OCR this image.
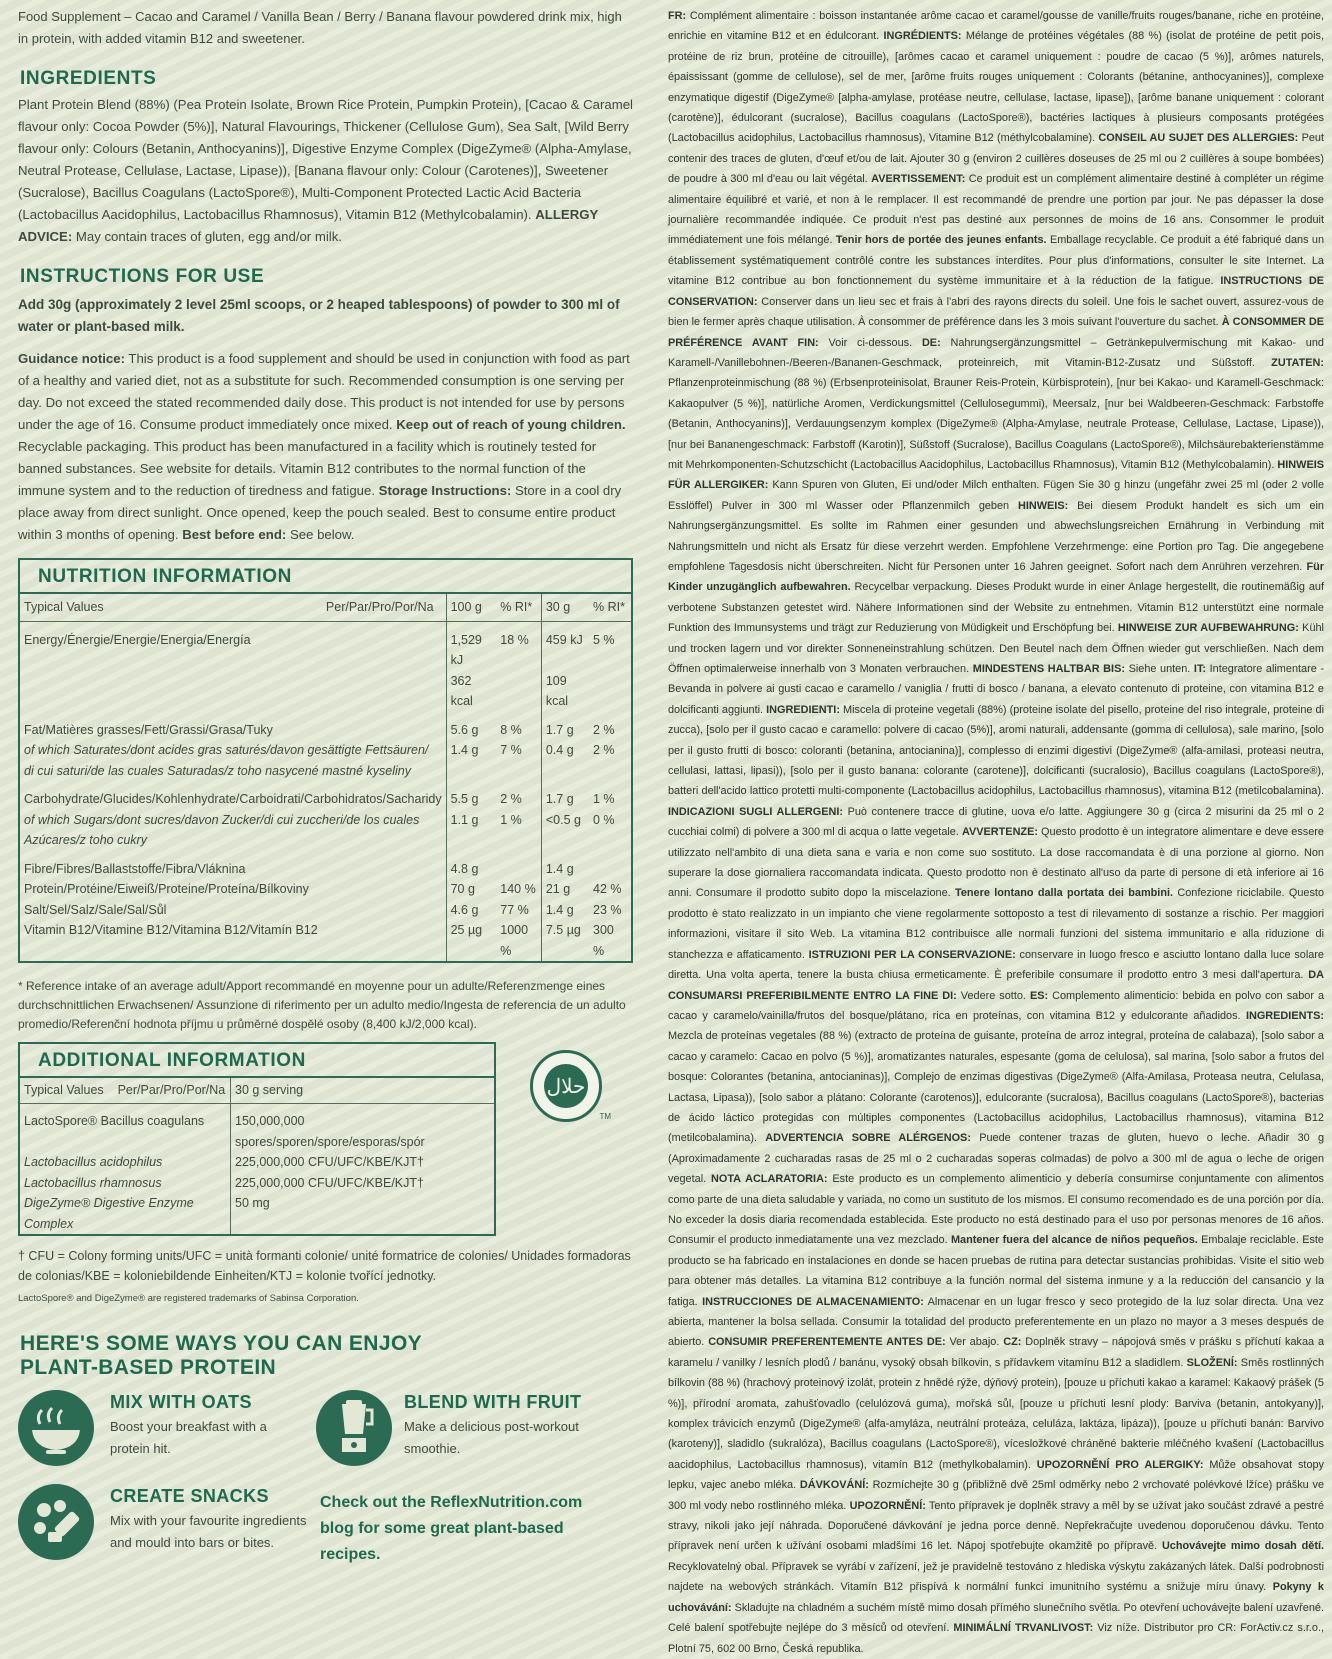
Food Supplement – Cacao and Caramel / Vanilla Bean / Berry / Banana flavour powdered drink mix, high in protein, with added vitamin B12 and sweetener.

INGREDIENTS

Plant Protein Blend (88%) (Pea Protein Isolate, Brown Rice Protein, Pumpkin Protein), [Cacao & Caramel flavour only: Cocoa Powder (5%)], Natural Flavourings, Thickener (Cellulose Gum), Sea Salt, [Wild Berry flavour only: Colours (Betanin, Anthocyanins)], Digestive Enzyme Complex (DigeZyme® (Alpha-Amylase, Neutral Protease, Cellulase, Lactase, Lipase)), [Banana flavour only: Colour (Carotenes)], Sweetener (Sucralose), Bacillus Coagulans (LactoSpore®), Multi-Component Protected Lactic Acid Bacteria (Lactobacillus Aacidophilus, Lactobacillus Rhamnosus), Vitamin B12 (Methylcobalamin). ALLERGY ADVICE: May contain traces of gluten, egg and/or milk.

INSTRUCTIONS FOR USE

Add 30g (approximately 2 level 25ml scoops, or 2 heaped tablespoons) of powder to 300 ml of water or plant-based milk.

Guidance notice: This product is a food supplement and should be used in conjunction with food as part of a healthy and varied diet, not as a substitute for such. Recommended consumption is one serving per day. Do not exceed the stated recommended daily dose. This product is not intended for use by persons under the age of 16. Consume product immediately once mixed. Keep out of reach of young children. Recyclable packaging. This product has been manufactured in a facility which is routinely tested for banned substances. See website for details. Vitamin B12 contributes to the normal function of the immune system and to the reduction of tiredness and fatigue. Storage Instructions: Store in a cool dry place away from direct sunlight. Once opened, keep the pouch sealed. Best to consume entire product within 3 months of opening. Best before end: See below.

NUTRITION INFORMATION
Typical Values Per/Par/Pro/Por/Na	100 g	% RI*	30 g	% RI*

Energy/Énergie/Energie/Energia/Energía	1,529 kJ	18 %	459 kJ	5 %
	362 kcal		109 kcal	

Fat/Matières grasses/Fett/Grassi/Grasa/Tuky	5.6 g	8 %	1.7 g	2 %
of which Saturates/dont acides gras saturés/davon gesättigte Fettsäuren/	1.4 g	7 %	0.4 g	2 %
di cui saturi/de las cuales Saturadas/z toho nasycené mastné kyseliny				

Carbohydrate/Glucides/Kohlenhydrate/Carboidrati/Carbohidratos/Sacharidy	5.5 g	2 %	1.7 g	1 %
of which Sugars/dont sucres/davon Zucker/di cui zuccheri/de los cuales	1.1 g	1 %	<0.5 g	0 %
Azúcares/z toho cukry				

Fibre/Fibres/Ballaststoffe/Fibra/Vláknina	4.8 g		1.4 g	
Protein/Protéine/Eiweiß/Proteine/Proteína/Bílkoviny	70 g	140 %	21 g	42 %
Salt/Sel/Salz/Sale/Sal/Sůl	4.6 g	77 %	1.4 g	23 %
Vitamin B12/Vitamine B12/Vitamina B12/Vitamín B12	25 µg	1000 %	7.5 µg	300 %

* Reference intake of an average adult/Apport recommandé en moyenne pour un adulte/Referenzmenge eines durchschnittlichen Erwachsenen/ Assunzione di riferimento per un adulto medio/Ingesta de referencia de un adulto promedio/Referenční hodnota příjmu u průměrné dospělé osoby (8,400 kJ/2,000 kcal).

ADDITIONAL INFORMATION
Typical Values Per/Par/Pro/Por/Na	30 g serving

LactoSpore® Bacillus coagulans	150,000,000 spores/sporen/spore/esporas/spór
Lactobacillus acidophilus	225,000,000 CFU/UFC/KBE/KJT†
Lactobacillus rhamnosus	225,000,000 CFU/UFC/KBE/KJT†
DigeZyme® Digestive Enzyme Complex	50 mg
حلال
TM

† CFU = Colony forming units/UFC = unità formanti colonie/ unité formatrice de colonies/ Unidades formadoras de colonias/KBE = koloniebildende Einheiten/KTJ = kolonie tvořící jednotky.

LactoSpore® and DigeZyme® are registered trademarks of Sabinsa Corporation.

HERE'S SOME WAYS YOU CAN ENJOY PLANT-BASED PROTEIN
MIX WITH OATS
Boost your breakfast with a protein hit.
BLEND WITH FRUIT
Make a delicious post-workout smoothie.
CREATE SNACKS
Mix with your favourite ingredients and mould into bars or bites.
Check out the ReflexNutrition.com blog for some great plant-based recipes.

FR: Complément alimentaire : boisson instantanée arôme cacao et caramel/gousse de vanille/fruits rouges/banane, riche en protéine, enrichie en vitamine B12 et en édulcorant. INGRÉDIENTS: Mélange de protéines végétales (88 %) (isolat de protéine de petit pois, protéine de riz brun, protéine de citrouille), [arômes cacao et caramel uniquement : poudre de cacao (5 %)], arômes naturels, épaississant (gomme de cellulose), sel de mer, [arôme fruits rouges uniquement : Colorants (bétanine, anthocyanines)], complexe enzymatique digestif (DigeZyme® [alpha-amylase, protéase neutre, cellulase, lactase, lipase]), [arôme banane uniquement : colorant (carotène)], édulcorant (sucralose), Bacillus coagulans (LactoSpore®), bactéries lactiques à plusieurs composants protégées (Lactobacillus acidophilus, Lactobacillus rhamnosus), Vitamine B12 (méthylcobalamine). CONSEIL AU SUJET DES ALLERGIES: Peut contenir des traces de gluten, d'œuf et/ou de lait. Ajouter 30 g (environ 2 cuillères doseuses de 25 ml ou 2 cuillères à soupe bombées) de poudre à 300 ml d'eau ou lait végétal. AVERTISSEMENT: Ce produit est un complément alimentaire destiné à compléter un régime alimentaire équilibré et varié, et non à le remplacer. Il est recommandé de prendre une portion par jour. Ne pas dépasser la dose journalière recommandée indiquée. Ce produit n'est pas destiné aux personnes de moins de 16 ans. Consommer le produit immédiatement une fois mélangé. Tenir hors de portée des jeunes enfants. Emballage recyclable. Ce produit a été fabriqué dans un établissement systématiquement contrôlé contre les substances interdites. Pour plus d'informations, consulter le site Internet. La vitamine B12 contribue au bon fonctionnement du système immunitaire et à la réduction de la fatigue. INSTRUCTIONS DE CONSERVATION: Conserver dans un lieu sec et frais à l'abri des rayons directs du soleil. Une fois le sachet ouvert, assurez-vous de bien le fermer après chaque utilisation. À consommer de préférence dans les 3 mois suivant l'ouverture du sachet. À CONSOMMER DE PRÉFÉRENCE AVANT FIN: Voir ci-dessous. DE: Nahrungsergänzungsmittel – Getränkepulvermischung mit Kakao- und Karamell-/Vanillebohnen-/Beeren-/Bananen-Geschmack, proteinreich, mit Vitamin-B12-Zusatz und Süßstoff. ZUTATEN: Pflanzenproteinmischung (88 %) (Erbsenproteinisolat, Brauner Reis-Protein, Kürbisprotein), [nur bei Kakao- und Karamell-Geschmack: Kakaopulver (5 %)], natürliche Aromen, Verdickungsmittel (Cellulosegummi), Meersalz, [nur bei Waldbeeren-Geschmack: Farbstoffe (Betanin, Anthocyanins)], Verdauungsenzym komplex (DigeZyme® (Alpha-Amylase, neutrale Protease, Cellulase, Lactase, Lipase)), [nur bei Bananengeschmack: Farbstoff (Karotin)], Süßstoff (Sucralose), Bacillus Coagulans (LactoSpore®), Milchsäurebakterienstämme mit Mehrkomponenten-Schutzschicht (Lactobacillus Aacidophilus, Lactobacillus Rhamnosus), Vitamin B12 (Methylcobalamin). HINWEIS FÜR ALLERGIKER: Kann Spuren von Gluten, Ei und/oder Milch enthalten. Fügen Sie 30 g hinzu (ungefähr zwei 25 ml (oder 2 volle Esslöffel) Pulver in 300 ml Wasser oder Pflanzenmilch geben HINWEIS: Bei diesem Produkt handelt es sich um ein Nahrungsergänzungsmittel. Es sollte im Rahmen einer gesunden und abwechslungsreichen Ernährung in Verbindung mit Nahrungsmitteln und nicht als Ersatz für diese verzehrt werden. Empfohlene Verzehrmenge: eine Portion pro Tag. Die angegebene empfohlene Tagesdosis nicht überschreiten. Nicht für Personen unter 16 Jahren geeignet. Sofort nach dem Anrühren verzehren. Für Kinder unzugänglich aufbewahren. Recycelbar verpackung. Dieses Produkt wurde in einer Anlage hergestellt, die routinemäßig auf verbotene Substanzen getestet wird. Nähere Informationen sind der Website zu entnehmen. Vitamin B12 unterstützt eine normale Funktion des Immunsystems und trägt zur Reduzierung von Müdigkeit und Erschöpfung bei. HINWEISE ZUR AUFBEWAHRUNG: Kühl und trocken lagern und vor direkter Sonneneinstrahlung schützen. Den Beutel nach dem Öffnen wieder gut verschließen. Nach dem Öffnen optimalerweise innerhalb von 3 Monaten verbrauchen. MINDESTENS HALTBAR BIS: Siehe unten. IT: Integratore alimentare - Bevanda in polvere ai gusti cacao e caramello / vaniglia / frutti di bosco / banana, a elevato contenuto di proteine, con vitamina B12 e dolcificanti aggiunti. INGREDIENTI: Miscela di proteine vegetali (88%) (proteine isolate del pisello, proteine del riso integrale, proteine di zucca), [solo per il gusto cacao e caramello: polvere di cacao (5%)], aromi naturali, addensante (gomma di cellulosa), sale marino, [solo per il gusto frutti di bosco: coloranti (betanina, antocianina)], complesso di enzimi digestivi (DigeZyme® (alfa-amilasi, proteasi neutra, cellulasi, lattasi, lipasi)), [solo per il gusto banana: colorante (carotene)], dolcificanti (sucralosio), Bacillus coagulans (LactoSpore®), batteri dell'acido lattico protetti multi-componente (Lactobacillus acidophilus, Lactobacillus rhamnosus), vitamina B12 (metilcobalamina). INDICAZIONI SUGLI ALLERGENI: Può contenere tracce di glutine, uova e/o latte. Aggiungere 30 g (circa 2 misurini da 25 ml o 2 cucchiai colmi) di polvere a 300 ml di acqua o latte vegetale. AVVERTENZE: Questo prodotto è un integratore alimentare e deve essere utilizzato nell'ambito di una dieta sana e varia e non come suo sostituto. La dose raccomandata è di una porzione al giorno. Non superare la dose giornaliera raccomandata indicata. Questo prodotto non è destinato all'uso da parte di persone di età inferiore ai 16 anni. Consumare il prodotto subito dopo la miscelazione. Tenere lontano dalla portata dei bambini. Confezione riciclabile. Questo prodotto è stato realizzato in un impianto che viene regolarmente sottoposto a test di rilevamento di sostanze a rischio. Per maggiori informazioni, visitare il sito Web. La vitamina B12 contribuisce alle normali funzioni del sistema immunitario e alla riduzione di stanchezza e affaticamento. ISTRUZIONI PER LA CONSERVAZIONE: conservare in luogo fresco e asciutto lontano dalla luce solare diretta. Una volta aperta, tenere la busta chiusa ermeticamente. È preferibile consumare il prodotto entro 3 mesi dall'apertura. DA CONSUMARSI PREFERIBILMENTE ENTRO LA FINE DI: Vedere sotto. ES: Complemento alimenticio: bebida en polvo con sabor a cacao y caramelo/vainilla/frutos del bosque/plátano, rica en proteínas, con vitamina B12 y edulcorante añadidos. INGREDIENTS: Mezcla de proteínas vegetales (88 %) (extracto de proteína de guisante, proteína de arroz integral, proteína de calabaza), [solo sabor a cacao y caramelo: Cacao en polvo (5 %)], aromatizantes naturales, espesante (goma de celulosa), sal marina, [solo sabor a frutos del bosque: Colorantes (betanina, antocianinas)], Complejo de enzimas digestivas (DigeZyme® (Alfa-Amilasa, Proteasa neutra, Celulasa, Lactasa, Lipasa)), [solo sabor a plátano: Colorante (carotenos)], edulcorante (sucralosa), Bacillus coagulans (LactoSpore®), bacterias de ácido láctico protegidas con múltiples componentes (Lactobacillus acidophilus, Lactobacillus rhamnosus), vitamina B12 (metilcobalamina). ADVERTENCIA SOBRE ALÉRGENOS: Puede contener trazas de gluten, huevo o leche. Añadir 30 g (Aproximadamente 2 cucharadas rasas de 25 ml o 2 cucharadas soperas colmadas) de polvo a 300 ml de agua o leche de origen vegetal. NOTA ACLARATORIA: Este producto es un complemento alimenticio y debería consumirse conjuntamente con alimentos como parte de una dieta saludable y variada, no como un sustituto de los mismos. El consumo recomendado es de una porción por día. No exceder la dosis diaria recomendada establecida. Este producto no está destinado para el uso por personas menores de 16 años. Consumir el producto inmediatamente una vez mezclado. Mantener fuera del alcance de niños pequeños. Embalaje reciclable. Este producto se ha fabricado en instalaciones en donde se hacen pruebas de rutina para detectar sustancias prohibidas. Visite el sitio web para obtener más detalles. La vitamina B12 contribuye a la función normal del sistema inmune y a la reducción del cansancio y la fatiga. INSTRUCCIONES DE ALMACENAMIENTO: Almacenar en un lugar fresco y seco protegido de la luz solar directa. Una vez abierta, mantener la bolsa sellada. Consumir la totalidad del producto preferentemente en un plazo no mayor a 3 meses después de abierto. CONSUMIR PREFERENTEMENTE ANTES DE: Ver abajo. CZ: Doplněk stravy – nápojová směs v prášku s příchutí kakaa a karamelu / vanilky / lesních plodů / banánu, vysoký obsah bílkovin, s přídavkem vitamínu B12 a sladidlem. SLOŽENÍ: Směs rostlinných bílkovin (88 %) (hrachový proteinový izolát, protein z hnědé rýže, dýňový protein), [pouze u příchuti kakao a karamel: Kakaový prášek (5 %)], přírodní aromata, zahušťovadlo (celulózová guma), mořská sůl, [pouze u příchuti lesní plody: Barviva (betanin, antokyany)], komplex trávicích enzymů (DigeZyme® (alfa-amyláza, neutrální proteáza, celuláza, laktáza, lipáza)), [pouze u příchuti banán: Barvivo (karoteny)], sladidlo (sukralóza), Bacillus coagulans (LactoSpore®), vícesložkové chráněné bakterie mléčného kvašení (Lactobacillus aacidophilus, Lactobacillus rhamnosus), vitamín B12 (methylkobalamin). UPOZORNĚNÍ PRO ALERGIKY: Může obsahovat stopy lepku, vajec anebo mléka. DÁVKOVÁNÍ: Rozmíchejte 30 g (přibližně dvě 25ml odměrky nebo 2 vrchovaté polévkové lžíce) prášku ve 300 ml vody nebo rostlinného mléka. UPOZORNĚNÍ: Tento přípravek je doplněk stravy a měl by se užívat jako součást zdravé a pestré stravy, nikoli jako její náhrada. Doporučené dávkování je jedna porce denně. Nepřekračujte uvedenou doporučenou dávku. Tento přípravek není určen k užívání osobami mladšími 16 let. Nápoj spotřebujte okamžitě po přípravě. Uchovávejte mimo dosah dětí. Recyklovatelný obal. Přípravek se vyrábí v zařízení, jež je pravidelně testováno z hlediska výskytu zakázaných látek. Další podrobnosti najdete na webových stránkách. Vitamín B12 přispívá k normální funkci imunitního systému a snižuje míru únavy. Pokyny k uchovávání: Skladujte na chladném a suchém místě mimo dosah přímého slunečního světla. Po otevření uchovávejte balení uzavřené. Celé balení spotřebujte nejlépe do 3 měsíců od otevření. MINIMÁLNÍ TRVANLIVOST: Viz níže. Distributor pro CR: ForActiv.cz s.r.o., Plotní 75, 602 00 Brno, Česká republika.
